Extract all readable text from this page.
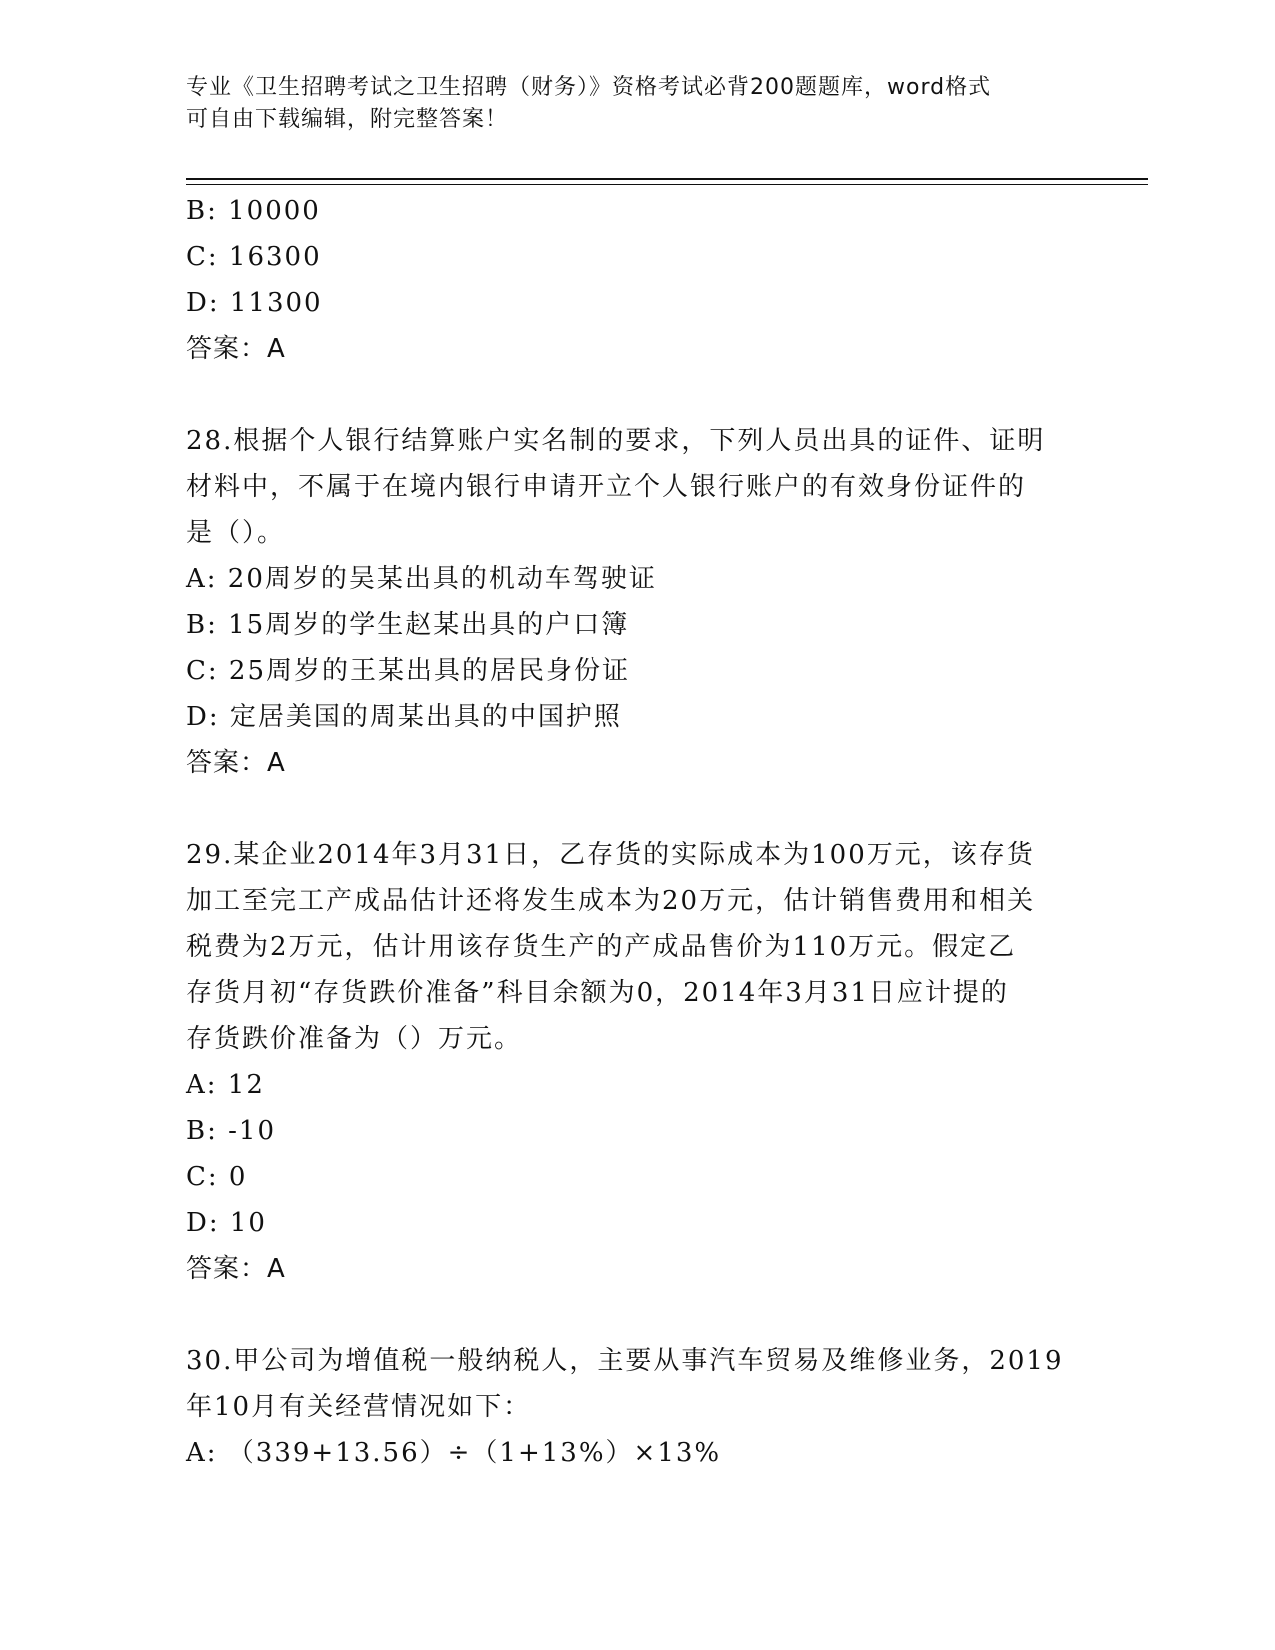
专业《卫生招聘考试之卫生招聘（财务）》资格考试必背200题题库，word格式
可自由下载编辑，附完整答案！
B: 10000
C: 16300
D: 11300
答案：A
28.根据个人银行结算账户实名制的要求，下列人员出具的证件、证明
材料中，不属于在境内银行申请开立个人银行账户的有效身份证件的
是（）。
A: 20周岁的吴某出具的机动车驾驶证
B: 15周岁的学生赵某出具的户口簿
C: 25周岁的王某出具的居民身份证
D: 定居美国的周某出具的中国护照
答案：A
29.某企业2014年3月31日，乙存货的实际成本为100万元，该存货
加工至完工产成品估计还将发生成本为20万元，估计销售费用和相关
税费为2万元，估计用该存货生产的产成品售价为110万元。假定乙
存货月初“存货跌价准备”科目余额为0，2014年3月31日应计提的
存货跌价准备为（）万元。
A: 12
B: -10
C: 0
D: 10
答案：A
30.甲公司为增值税一般纳税人，主要从事汽车贸易及维修业务，2019
年10月有关经营情况如下：
A: （339+13.56）÷（1+13%）×13%
